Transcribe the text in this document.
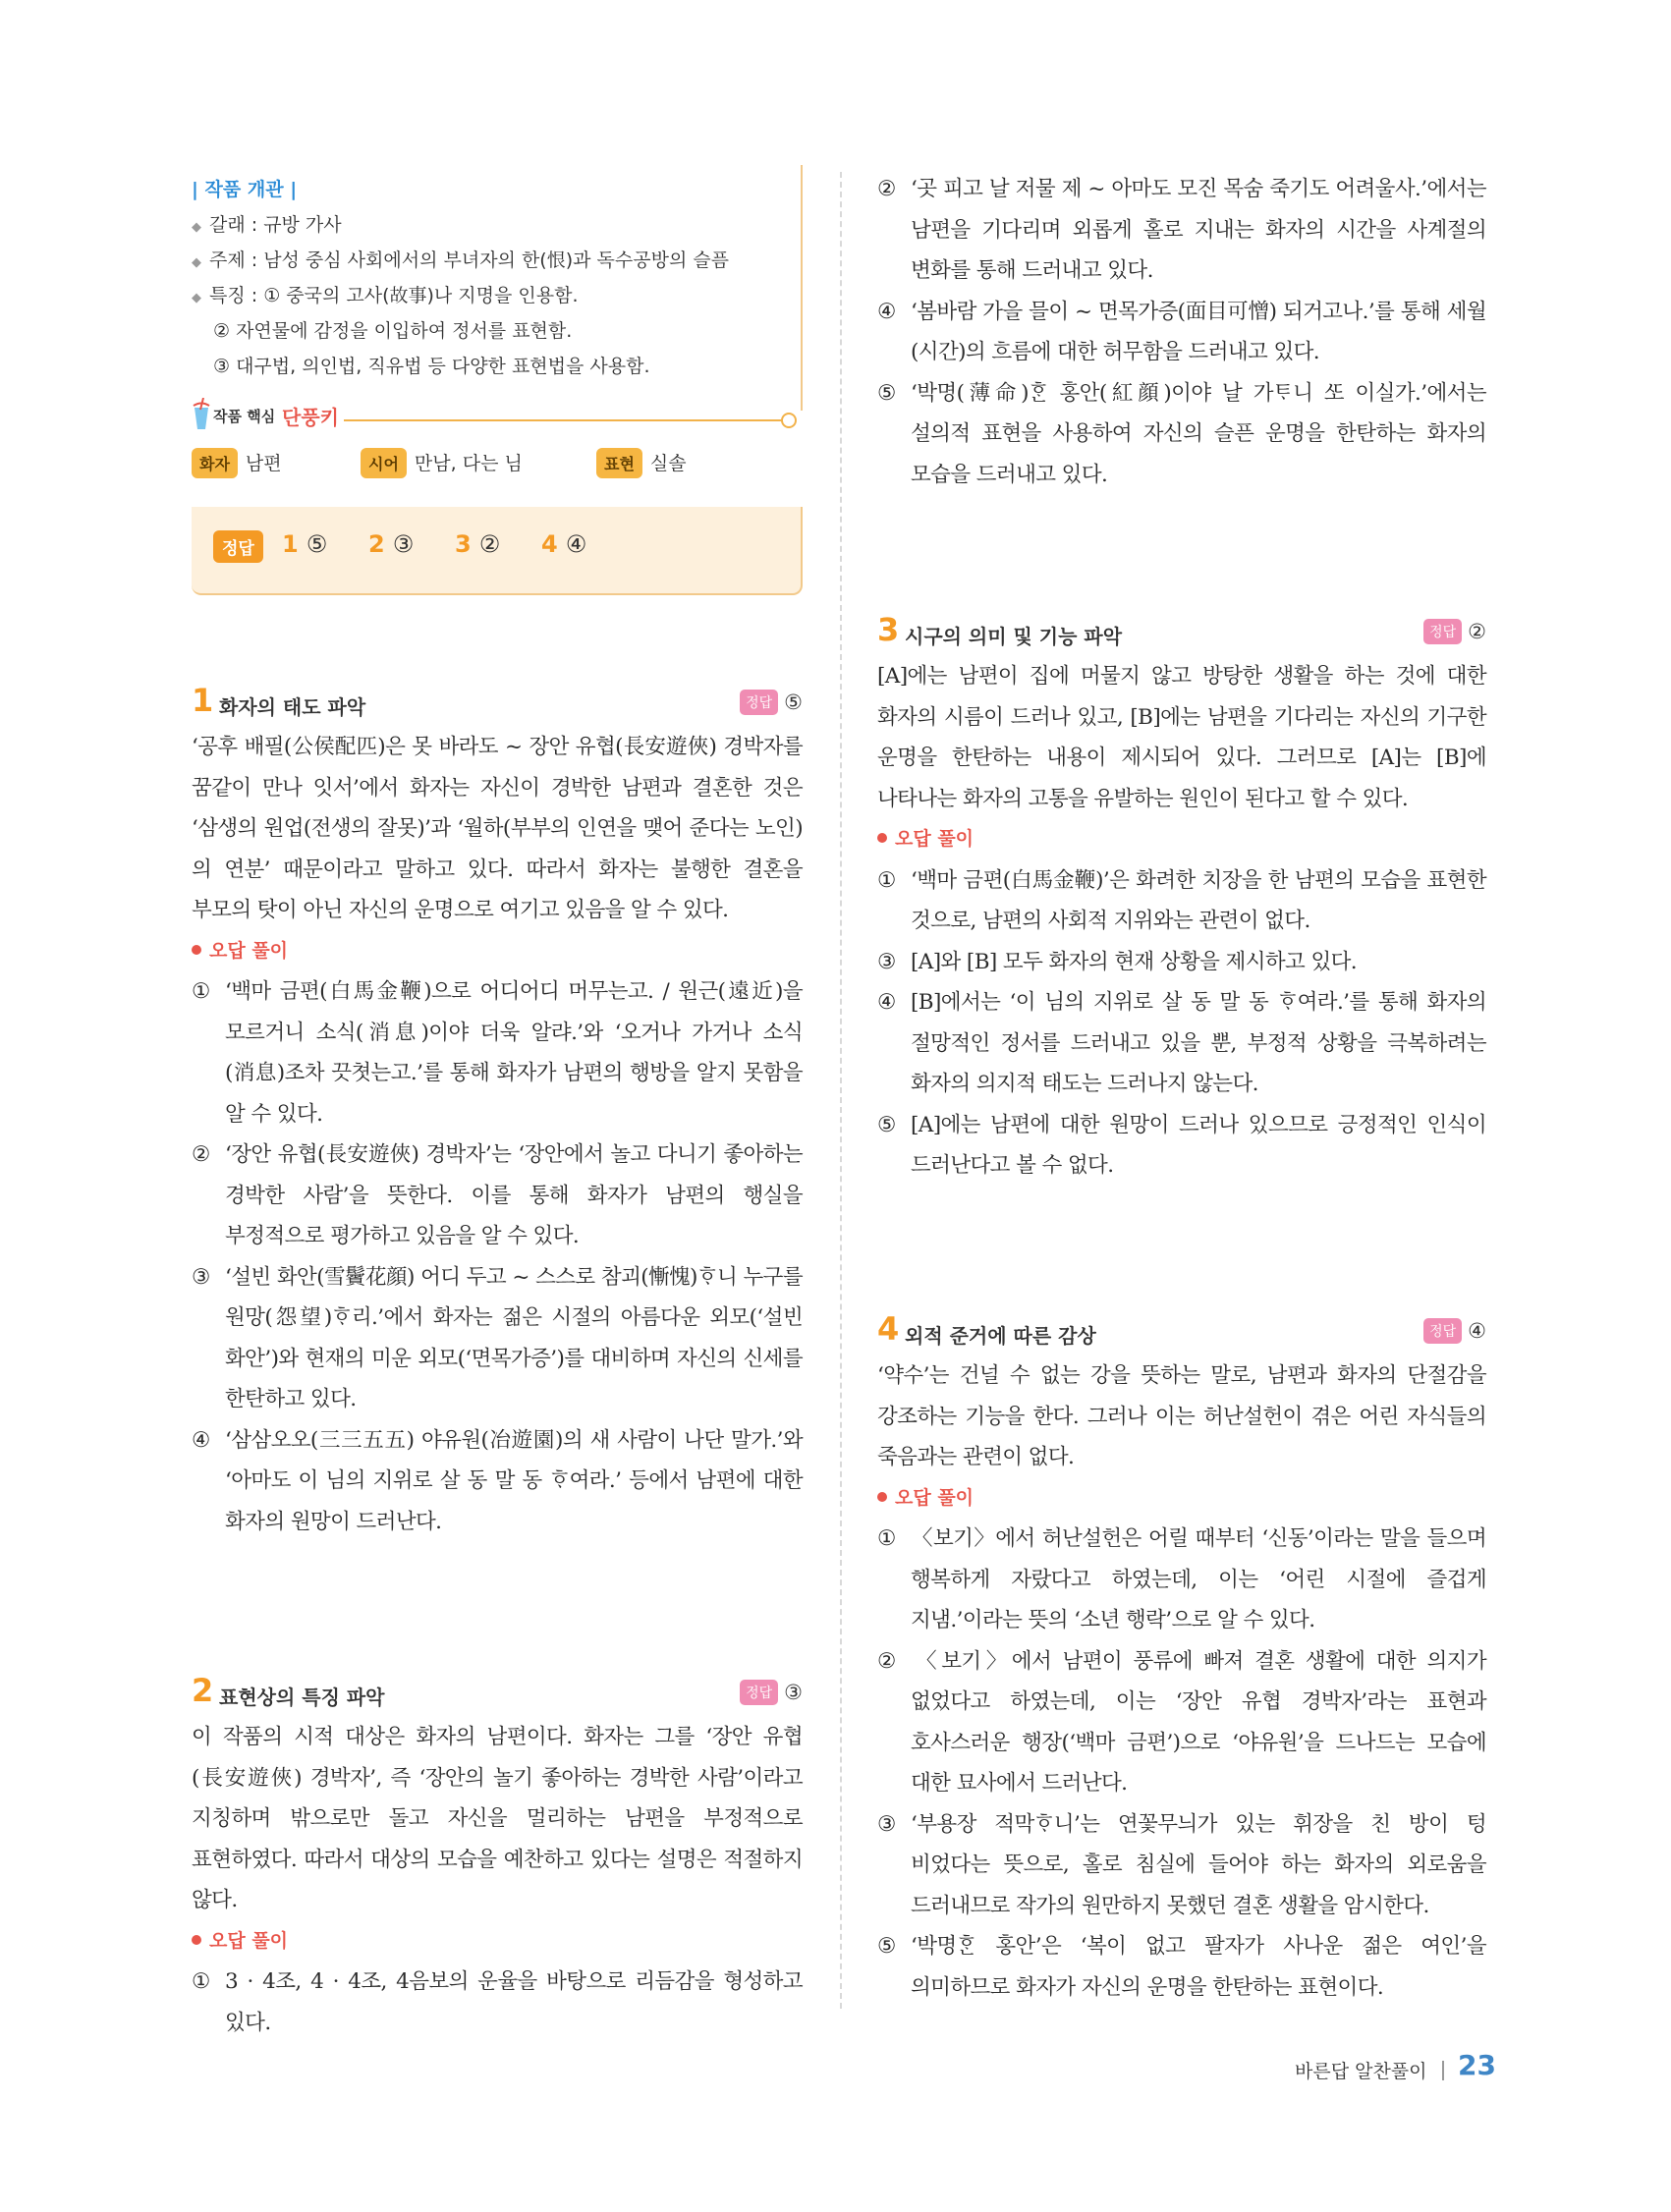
| 작품 개관 |
◆ 갈래 : 규방 가사
◆ 주제 : 남성 중심 사회에서의 부녀자의 한(恨)과 독수공방의 슬픔
◆ 특징 : ① 중국의 고사(故事)나 지명을 인용함.
② 자연물에 감정을 이입하여 정서를 표현함.
③ 대구법, 의인법, 직유법 등 다양한 표현법을 사용함.
작품 핵심 단풍키
화자 남편	시어 만남, 다는 님	표현 실솔
정답	1 ⑤ 2 ③ 3 ② 4 ④
1 화자의 태도 파악	정답 ⑤
‘공후 배필(公侯配匹)은 못 바라도 ~ 장안 유협(長安遊俠) 경박자를 꿈같이 만나 잇서’에서 화자는 자신이 경박한 남편과 결혼한 것은 ‘삼생의 원업(전생의 잘못)’과 ‘월하(부부의 인연을 맺어 준다는 노인)의 연분’ 때문이라고 말하고 있다. 따라서 화자는 불행한 결혼을 부모의 탓이 아닌 자신의 운명으로 여기고 있음을 알 수 있다.
오답 풀이
① ‘백마 금편(白馬金鞭)으로 어디어디 머무는고. / 원근(遠近)을 모르거니 소식(消息)이야 더욱 알랴.’와 ‘오거나 가거나 소식(消息)조차 끗쳣는고.’를 통해 화자가 남편의 행방을 알지 못함을 알 수 있다.
② ‘장안 유협(長安遊俠) 경박자’는 ‘장안에서 놀고 다니기 좋아하는 경박한 사람’을 뜻한다. 이를 통해 화자가 남편의 행실을 부정적으로 평가하고 있음을 알 수 있다.
③ ‘설빈 화안(雪鬢花顔) 어디 두고 ~ 스스로 참괴(慚愧)ᄒᆞ니 누구를 원망(怨望)ᄒᆞ리.’에서 화자는 젊은 시절의 아름다운 외모(‘설빈 화안’)와 현재의 미운 외모(‘면목가증’)를 대비하며 자신의 신세를 한탄하고 있다.
④ ‘삼삼오오(三三五五) 야유원(冶遊園)의 새 사람이 나단 말가.’와 ‘아마도 이 님의 지위로 살 동 말 동 ᄒᆞ여라.’ 등에서 남편에 대한 화자의 원망이 드러난다.
2 표현상의 특징 파악	정답 ③
이 작품의 시적 대상은 화자의 남편이다. 화자는 그를 ‘장안 유협(長安遊俠) 경박자’, 즉 ‘장안의 놀기 좋아하는 경박한 사람’이라고 지칭하며 밖으로만 돌고 자신을 멀리하는 남편을 부정적으로 표현하였다. 따라서 대상의 모습을 예찬하고 있다는 설명은 적절하지 않다.
오답 풀이
① 3 · 4조, 4 · 4조, 4음보의 운율을 바탕으로 리듬감을 형성하고 있다.
② ‘곳 피고 날 저물 제 ~ 아마도 모진 목숨 죽기도 어려울사.’에서는 남편을 기다리며 외롭게 홀로 지내는 화자의 시간을 사계절의 변화를 통해 드러내고 있다.
④ ‘봄바람 가을 믈이 ~ 면목가증(面目可憎) 되거고나.’를 통해 세월(시간)의 흐름에 대한 허무함을 드러내고 있다.
⑤ ‘박명(薄命)ᄒᆞᆫ 홍안(紅顔)이야 날 가ᄐᆞ니 ᄯᅩ 이실가.’에서는 설의적 표현을 사용하여 자신의 슬픈 운명을 한탄하는 화자의 모습을 드러내고 있다.
3 시구의 의미 및 기능 파악	정답 ②
[A]에는 남편이 집에 머물지 않고 방탕한 생활을 하는 것에 대한 화자의 시름이 드러나 있고, [B]에는 남편을 기다리는 자신의 기구한 운명을 한탄하는 내용이 제시되어 있다. 그러므로 [A]는 [B]에 나타나는 화자의 고통을 유발하는 원인이 된다고 할 수 있다.
오답 풀이
① ‘백마 금편(白馬金鞭)’은 화려한 치장을 한 남편의 모습을 표현한 것으로, 남편의 사회적 지위와는 관련이 없다.
③ [A]와 [B] 모두 화자의 현재 상황을 제시하고 있다.
④ [B]에서는 ‘이 님의 지위로 살 동 말 동 ᄒᆞ여라.’를 통해 화자의 절망적인 정서를 드러내고 있을 뿐, 부정적 상황을 극복하려는 화자의 의지적 태도는 드러나지 않는다.
⑤ [A]에는 남편에 대한 원망이 드러나 있으므로 긍정적인 인식이 드러난다고 볼 수 없다.
4 외적 준거에 따른 감상	정답 ④
‘약수’는 건널 수 없는 강을 뜻하는 말로, 남편과 화자의 단절감을 강조하는 기능을 한다. 그러나 이는 허난설헌이 겪은 어린 자식들의 죽음과는 관련이 없다.
오답 풀이
① 〈보기〉에서 허난설헌은 어릴 때부터 ‘신동’이라는 말을 들으며 행복하게 자랐다고 하였는데, 이는 ‘어린 시절에 즐겁게 지냄.’이라는 뜻의 ‘소년 행락’으로 알 수 있다.
② 〈보기〉에서 남편이 풍류에 빠져 결혼 생활에 대한 의지가 없었다고 하였는데, 이는 ‘장안 유협 경박자’라는 표현과 호사스러운 행장(‘백마 금편’)으로 ‘야유원’을 드나드는 모습에 대한 묘사에서 드러난다.
③ ‘부용장 적막ᄒᆞ니’는 연꽃무늬가 있는 휘장을 친 방이 텅 비었다는 뜻으로, 홀로 침실에 들어야 하는 화자의 외로움을 드러내므로 작가의 원만하지 못했던 결혼 생활을 암시한다.
⑤ ‘박명ᄒᆞᆫ 홍안’은 ‘복이 없고 팔자가 사나운 젊은 여인’을 의미하므로 화자가 자신의 운명을 한탄하는 표현이다.
바른답 알찬풀이 23
